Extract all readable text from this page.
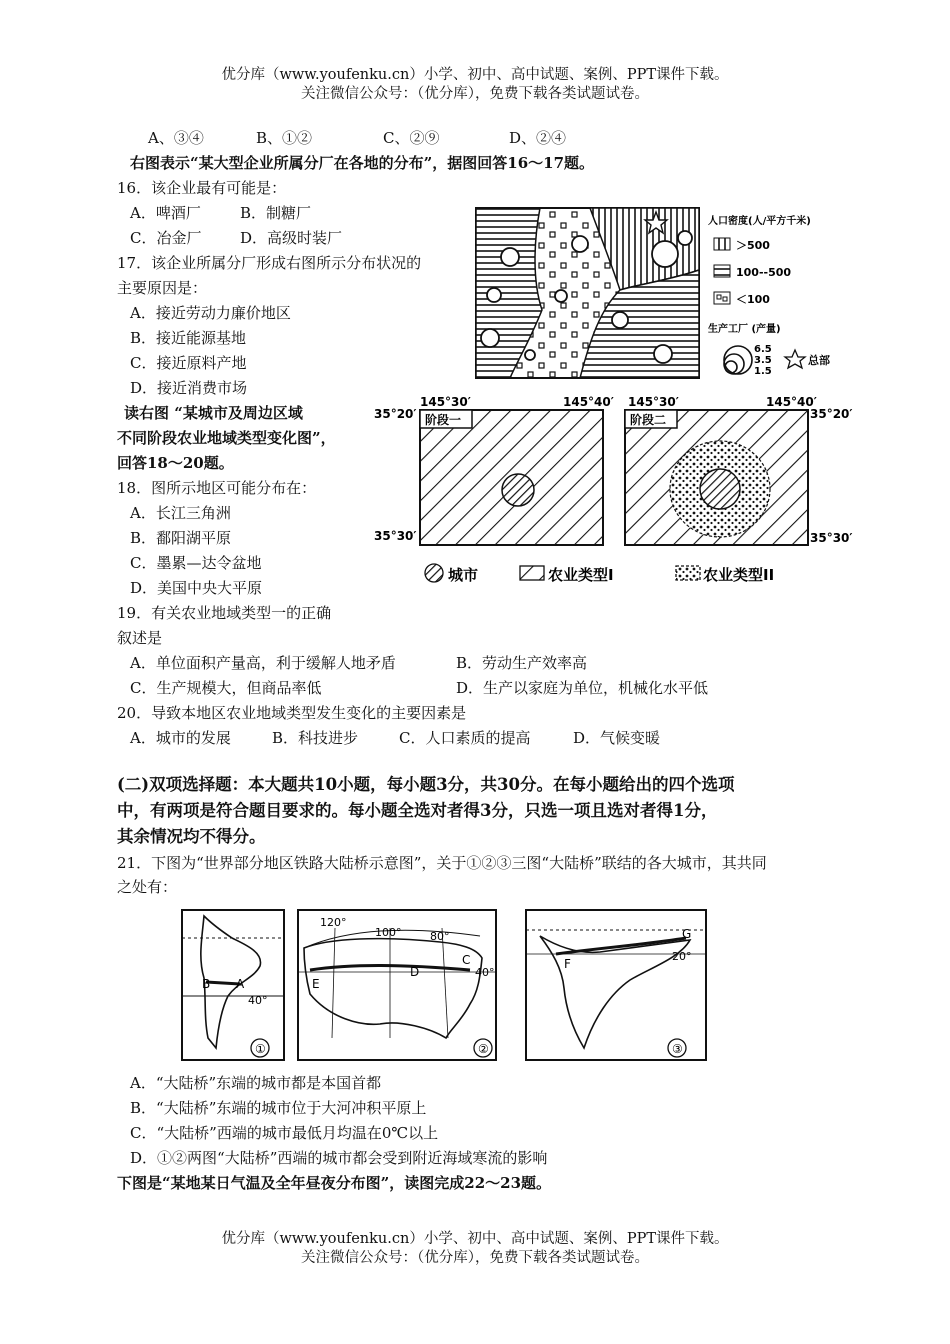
优分库（www.youfenku.cn）小学、初中、高中试题、案例、PPT课件下载。
关注微信公众号：（优分库），免费下载各类试题试卷。
A、③④	B、①②	C、②⑨	D、②④
右图表示“某大型企业所属分厂在各地的分布”，据图回答16～17题。
16．该企业最有可能是：
A．啤酒厂	B．制糖厂
C．冶金厂	D．高级时装厂
17．该企业所属分厂形成右图所示分布状况的
主要原因是：
A．接近劳动力廉价地区
B．接近能源基地
C．接近原料产地
D．接近消费市场
读右图 “某城市及周边区域
不同阶段农业地域类型变化图”，
回答18～20题。
18．图所示地区可能分布在：
A．长江三角洲
B．鄱阳湖平原
C．墨累—达令盆地
D．美国中央大平原
19．有关农业地域类型一的正确
叙述是
A．单位面积产量高，利于缓解人地矛盾	B．劳动生产效率高
C．生产规模大，但商品率低	D．生产以家庭为单位，机械化水平低
20．导致本地区农业地域类型发生变化的主要因素是
A．城市的发展	B．科技进步	C．人口素质的提高	D．气候变暖
(二)双项选择题：本大题共10小题，每小题3分，共30分。在每小题给出的四个选项
中，有两项是符合题目要求的。每小题全选对者得3分，只选一项且选对者得1分，
其余情况均不得分。
21．下图为“世界部分地区铁路大陆桥示意图”，关于①②③三图“大陆桥”联结的各大城市，其共同
之处有：
A．“大陆桥”东端的城市都是本国首都
B．“大陆桥”东端的城市位于大河冲积平原上
C．“大陆桥”西端的城市最低月均温在0℃以上
D．①②两图“大陆桥”西端的城市都会受到附近海域寒流的影响
下图是“某地某日气温及全年昼夜分布图”，读图完成22～23题。
优分库（www.youfenku.cn）小学、初中、高中试题、案例、PPT课件下载。
关注微信公众号：（优分库），免费下载各类试题试卷。
人口密度(人/平方千米)
＞500
100--500
＜100
生产工厂 (产量)
6.5
3.5
1.5
总部
阶段一
145°30′
35°20′
35°30′
阶段二
145°30′	145°40′
35°20′
35°30′
145°40′
城市	农业类型I	农业类型II
B A
40°
①
120°
100°	80°
40°
E
D
C
②
F
G
20°
③
